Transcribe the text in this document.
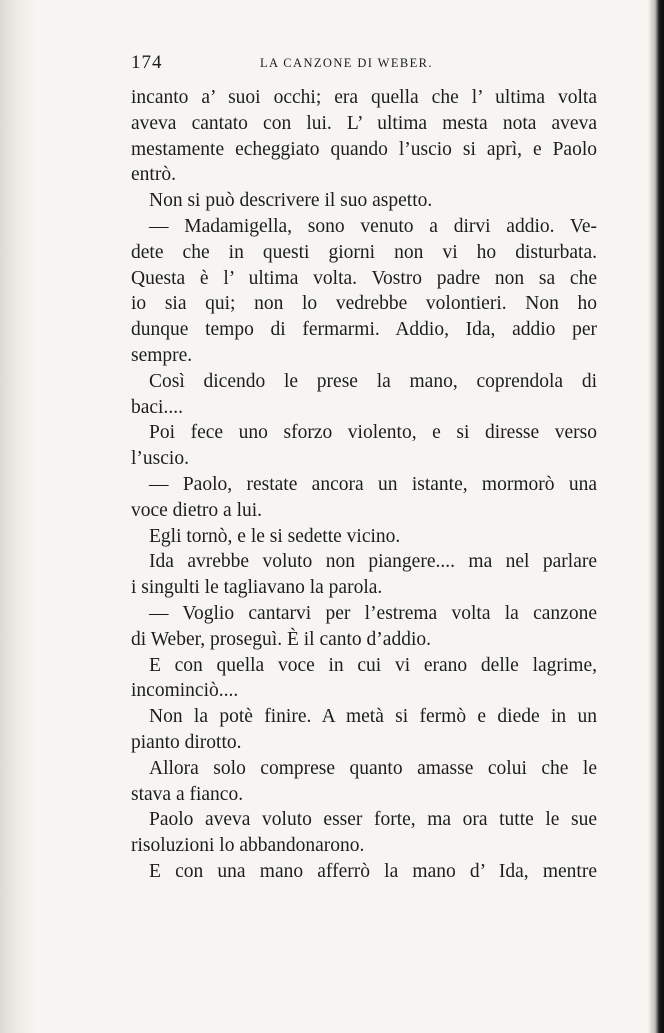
174	LA CANZONE DI WEBER.
incanto a’ suoi occhi; era quella che l’ ultima volta
aveva cantato con lui. L’ ultima mesta nota aveva
mestamente echeggiato quando l’uscio si aprì, e Paolo
entrò.
Non si può descrivere il suo aspetto.
— Madamigella, sono venuto a dirvi addio. Ve-
dete che in questi giorni non vi ho disturbata.
Questa è l’ ultima volta. Vostro padre non sa che
io sia qui; non lo vedrebbe volontieri. Non ho
dunque tempo di fermarmi. Addio, Ida, addio per
sempre.
Così dicendo le prese la mano, coprendola di
baci....
Poi fece uno sforzo violento, e si diresse verso
l’uscio.
— Paolo, restate ancora un istante, mormorò una
voce dietro a lui.
Egli tornò, e le si sedette vicino.
Ida avrebbe voluto non piangere.... ma nel parlare
i singulti le tagliavano la parola.
— Voglio cantarvi per l’estrema volta la canzone
di Weber, proseguì. È il canto d’addio.
E con quella voce in cui vi erano delle lagrime,
incominciò....
Non la potè finire. A metà si fermò e diede in un
pianto dirotto.
Allora solo comprese quanto amasse colui che le
stava a fianco.
Paolo aveva voluto esser forte, ma ora tutte le sue
risoluzioni lo abbandonarono.
E con una mano afferrò la mano d’ Ida, mentre
